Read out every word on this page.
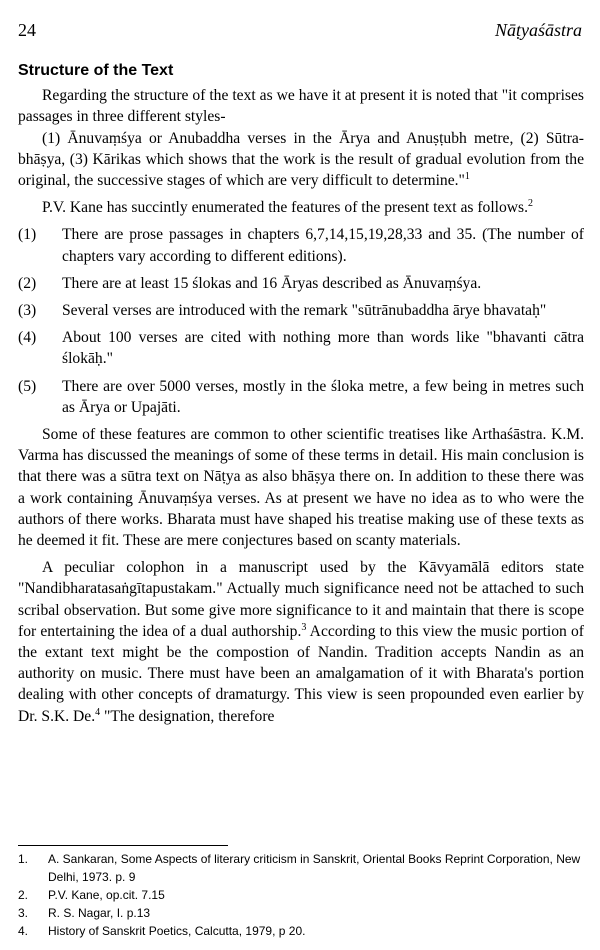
24	Nāṭyaśāstra
Structure of the Text

Regarding the structure of the text as we have it at present it is noted that "it comprises passages in three different styles-

(1) Ānuvaṃśya or Anubaddha verses in the Ārya and Anuṣṭubh metre, (2) Sūtra-bhāṣya, (3) Kārikas which shows that the work is the result of gradual evolution from the original, the successive stages of which are very difficult to determine."$^1$

P.V. Kane has succintly enumerated the features of the present text as follows.$^2$

(1) There are prose passages in chapters 6,7,14,15,19,28,33 and 35. (The number of chapters vary according to different editions).
(2) There are at least 15 ślokas and 16 Āryas described as Ānuvaṃśya.
(3) Several verses are introduced with the remark "sūtrānubaddha ārye bhavataḥ"
(4) About 100 verses are cited with nothing more than words like "bhavanti cātra ślokāḥ."
(5) There are over 5000 verses, mostly in the śloka metre, a few being in metres such as Ārya or Upajāti.

Some of these features are common to other scientific treatises like Arthaśāstra. K.M. Varma has discussed the meanings of some of these terms in detail. His main conclusion is that there was a sūtra text on Nāṭya as also bhāṣya there on. In addition to these there was a work containing Ānuvaṃśya verses. As at present we have no idea as to who were the authors of there works. Bharata must have shaped his treatise making use of these texts as he deemed it fit. These are mere conjectures based on scanty materials.

A peculiar colophon in a manuscript used by the Kāvyamālā editors state "Nandibharatasaṅgītapustakam." Actually much significance need not be attached to such scribal observation. But some give more significance to it and maintain that there is scope for entertaining the idea of a dual authorship.$^3$ According to this view the music portion of the extant text might be the compostion of Nandin. Tradition accepts Nandin as an authority on music. There must have been an amalgamation of it with Bharata's portion dealing with other concepts of dramaturgy. This view is seen propounded even earlier by Dr. S.K. De.$^4$ "The designation, therefore

1. A. Sankaran, Some Aspects of literary criticism in Sanskrit, Oriental Books Reprint Corporation, New Delhi, 1973. p. 9
2. P.V. Kane, op.cit. 7.15
3. R. S. Nagar, I. p.13
4. History of Sanskrit Poetics, Calcutta, 1979, p 20.
